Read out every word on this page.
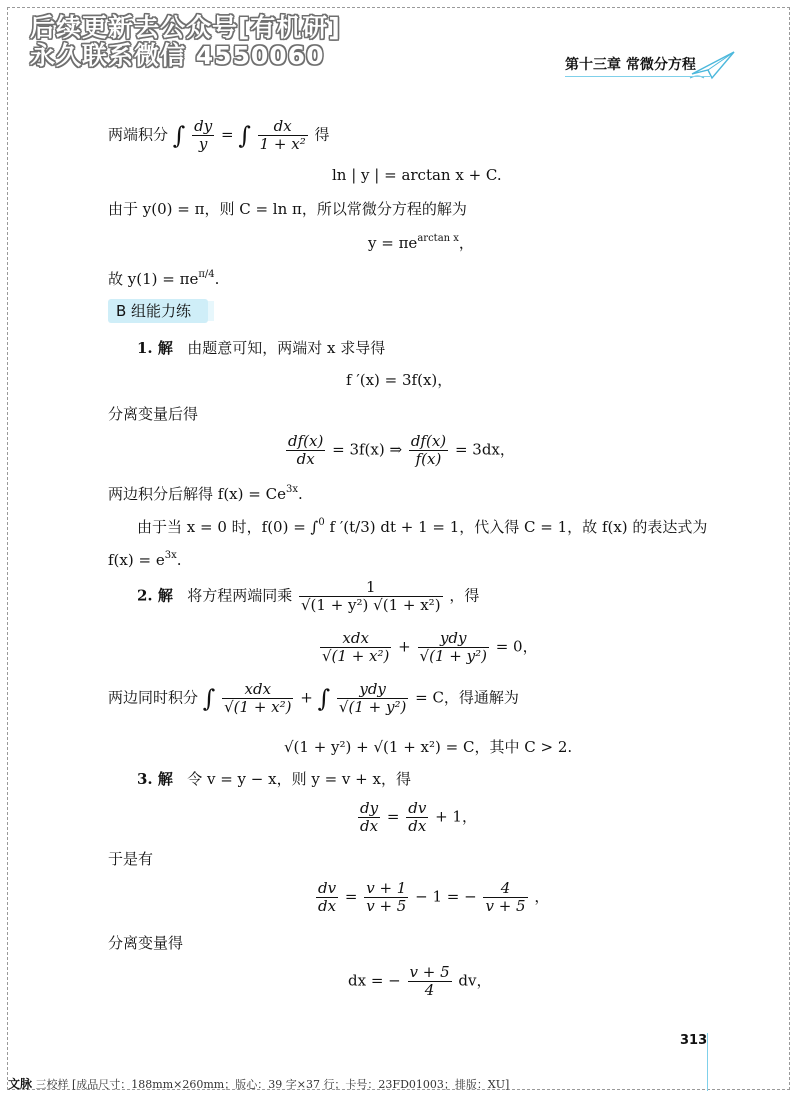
后续更新去公众号[有机研]
永久联系微信 4550060	第十三章 常微分方程
两端积分 ∫ $\frac{dy}{y}$ = ∫ $\frac{dx}{\text{1 + x²}}$ 得
ln | y | = arctan x + C.
由于 y(0) = π，则 C = ln π，所以常微分方程的解为
$y = \pi e^{arctan x}$，
故 $y(1) = \pi e^{\pi/4}$.
B 组能力练
1. 解 由题意可知，两端对 x 求导得
f ′(x) = 3f(x)，
分离变量后得
$\frac{df(x)}{dx} = 3f(x)$ ⇒ $\frac{df(x)}{f(x)} = 3dx$，
两边积分后解得 $f(x) = Ce^{3x}$.
由于当 x = 0 时，f(0) = ∫$^0$ f ′(t/3) dt + 1 = 1，代入得 C = 1，故 f(x) 的表达式为
$f(x) = e^{3x}$.
2. 解 将方程两端同乘 $\frac{1}{\text{√(1 + y²) √(1 + x²)}}$ ，得
$\frac{\text{xdx}}{\text{√(1 + x²)}} + \frac{\text{ydy}}{\text{√(1 + y²)}} = 0$，
两边同时积分 ∫ $\frac{\text{xdx}}{\text{√(1 + x²)}}$ + ∫ $\frac{\text{ydy}}{\text{√(1 + y²)}} = C$，得通解为
√(1 + y²) + √(1 + x²) = C，其中 C > 2.
3. 解 令 v = y − x，则 y = v + x，得
$\frac{dy}{dx} = \frac{dv}{dx} + 1$，
于是有
$\frac{dv}{dx} = \frac{v + 1}{v + 5} - 1$ = − $\frac{4}{v + 5}$ ，
分离变量得
dx = − $\frac{v + 5}{4}$ dv，
313
文脉 三校样 [成品尺寸：188mm×260mm；版心：39 字×37 行；卡号：23FD01003；排版：XU]
